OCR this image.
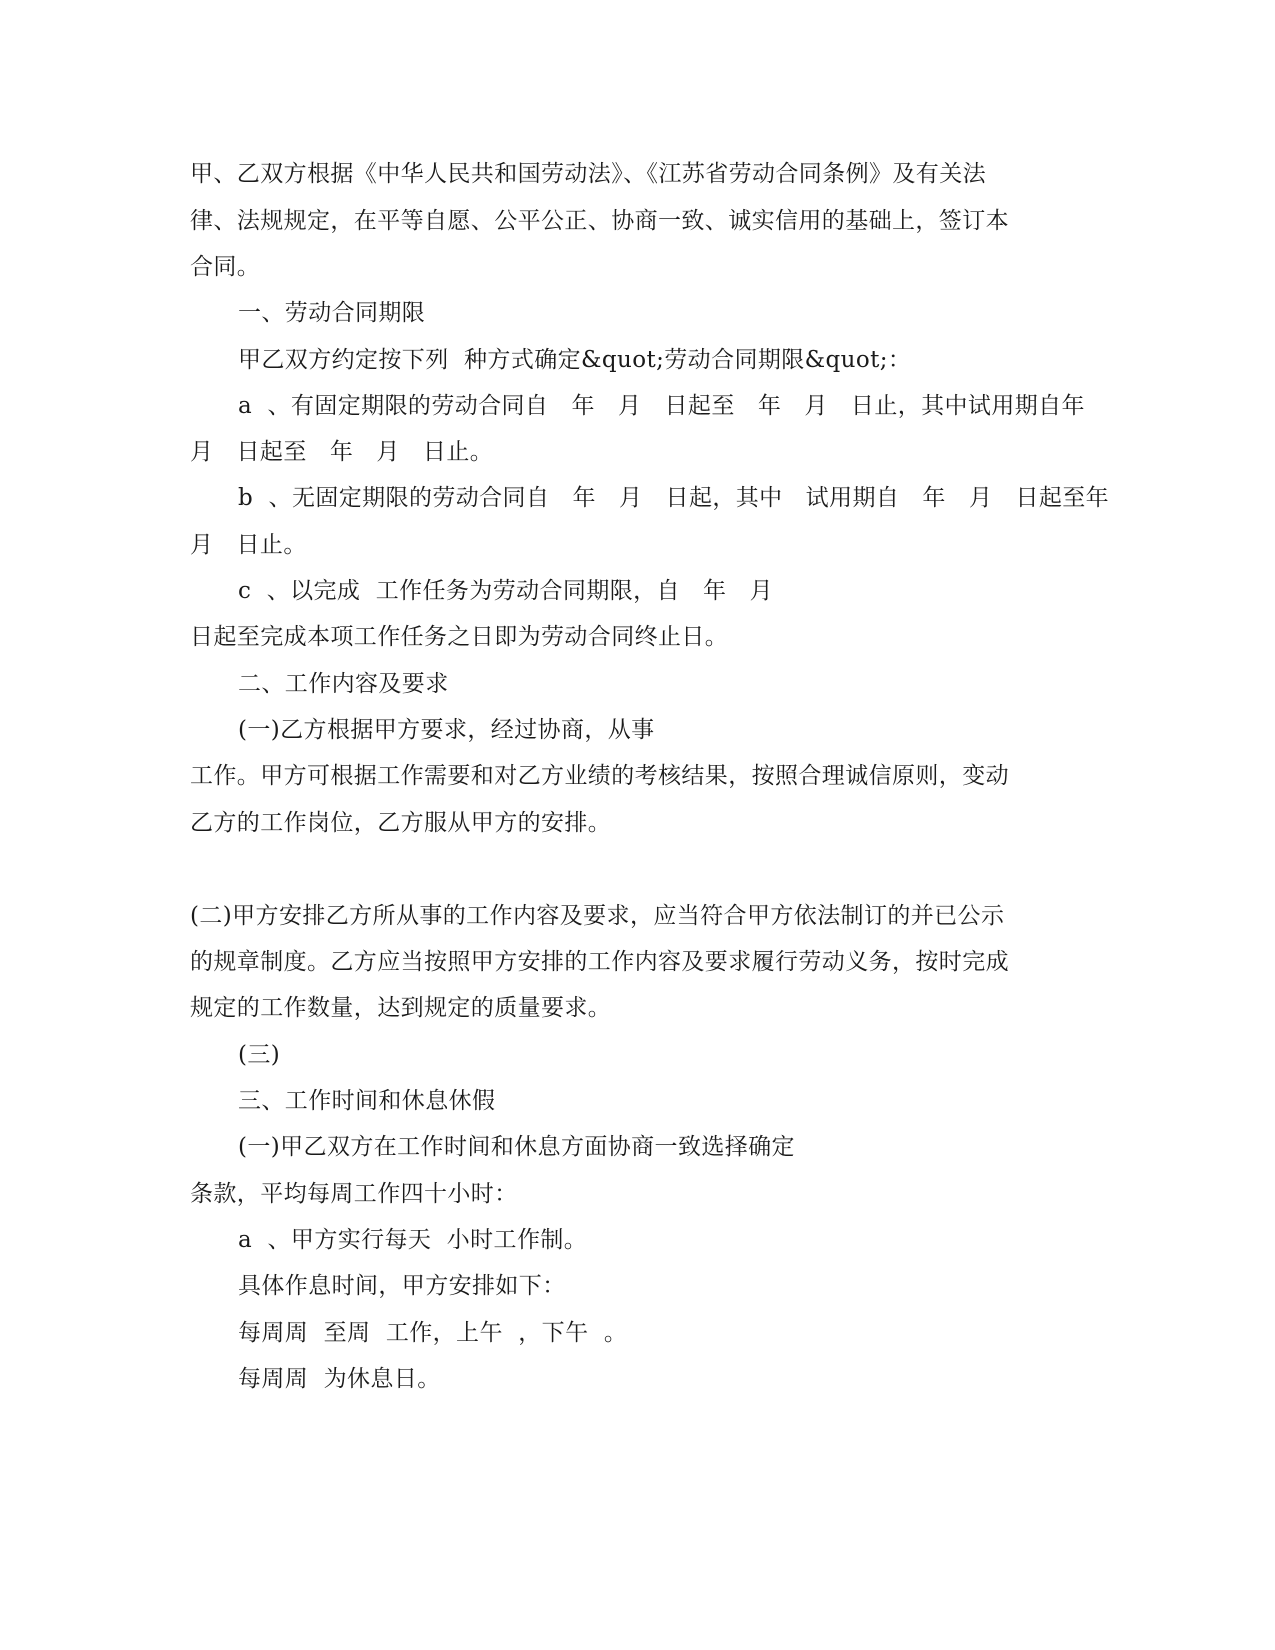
甲、乙双方根据《中华人民共和国劳动法》、《江苏省劳动合同条例》及有关法
律、法规规定，在平等自愿、公平公正、协商一致、诚实信用的基础上，签订本
合同。
一、劳动合同期限
甲乙双方约定按下列  种方式确定&quot;劳动合同期限&quot;：
a  、有固定期限的劳动合同自   年   月   日起至   年   月   日止，其中试用期自年
月   日起至   年   月   日止。
b  、无固定期限的劳动合同自   年   月   日起，其中   试用期自   年   月   日起至年
月   日止。
c  、以完成  工作任务为劳动合同期限，自   年   月
日起至完成本项工作任务之日即为劳动合同终止日。
二、工作内容及要求
(一)乙方根据甲方要求，经过协商，从事
工作。甲方可根据工作需要和对乙方业绩的考核结果，按照合理诚信原则，变动
乙方的工作岗位，乙方服从甲方的安排。
(二)甲方安排乙方所从事的工作内容及要求，应当符合甲方依法制订的并已公示
的规章制度。乙方应当按照甲方安排的工作内容及要求履行劳动义务，按时完成
规定的工作数量，达到规定的质量要求。
(三)
三、工作时间和休息休假
(一)甲乙双方在工作时间和休息方面协商一致选择确定
条款，平均每周工作四十小时：
a  、甲方实行每天  小时工作制。
具体作息时间，甲方安排如下：
每周周  至周  工作，上午  ，下午  。
每周周  为休息日。
